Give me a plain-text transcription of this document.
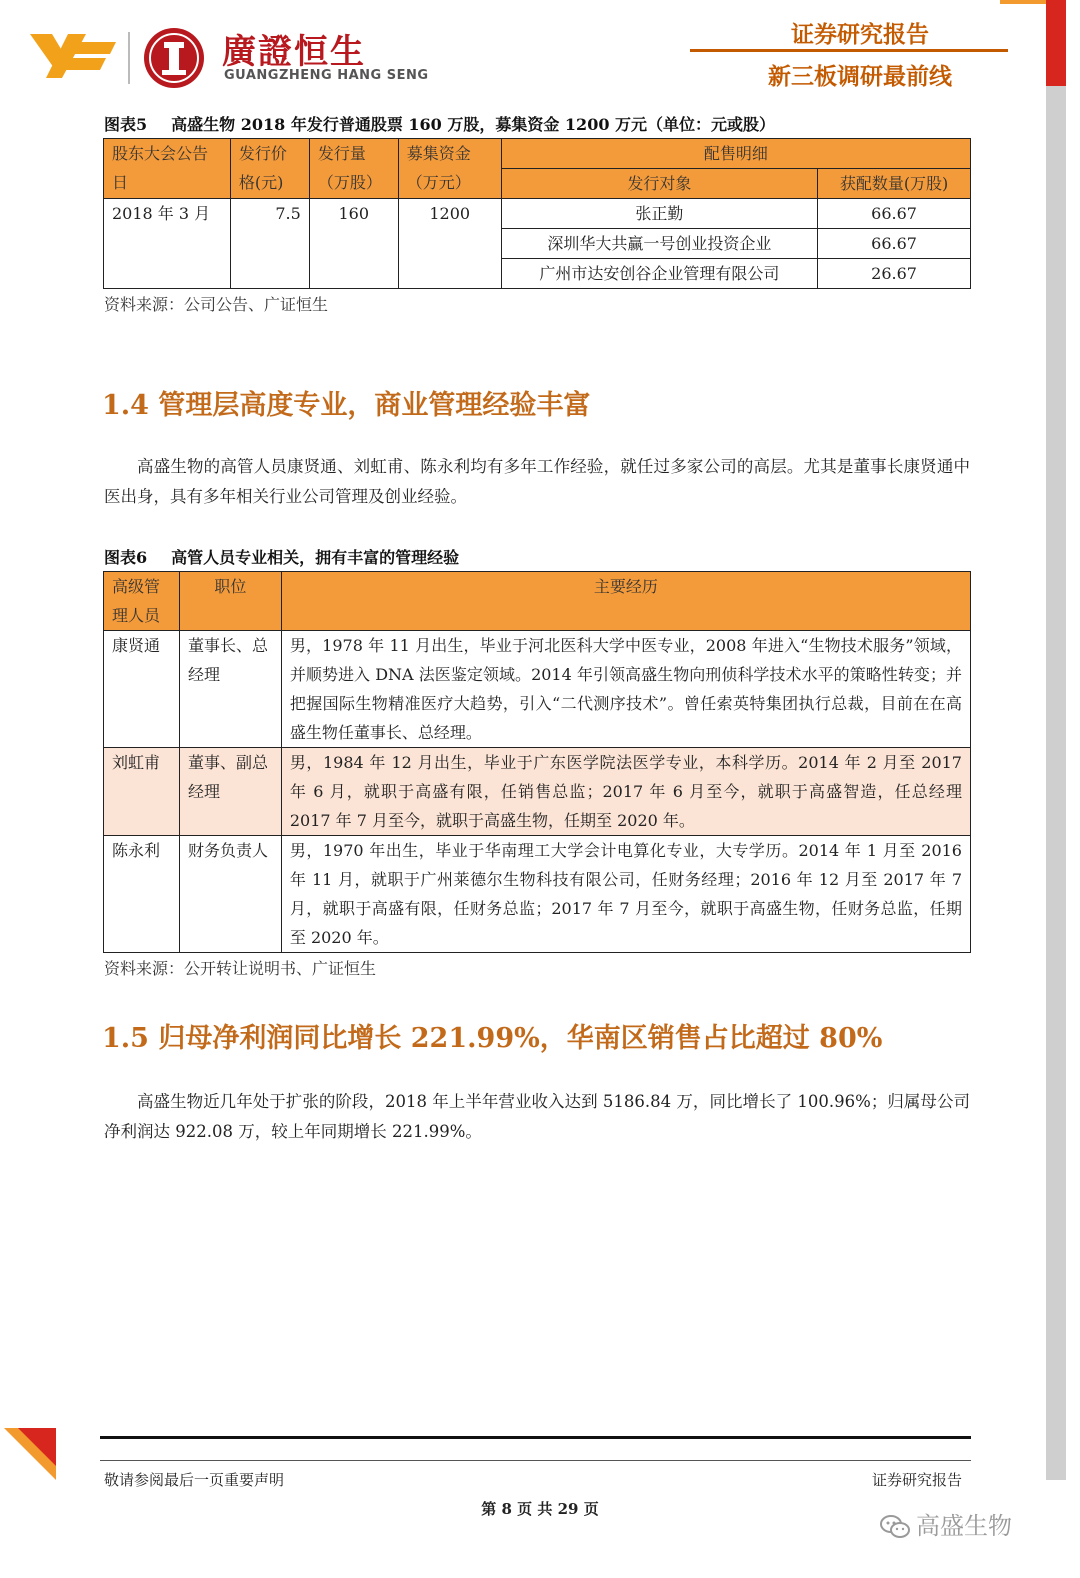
廣證恒生
GUANGZHENG HANG SENG
证券研究报告
新三板调研最前线
图表5 高盛生物 2018 年发行普通股票 160 万股，募集资金 1200 万元（单位：元或股）
股东大会公告日	发行价格(元)	发行量（万股）	募集资金（万元）	配售明细	
				发行对象	获配数量(万股)
2018 年 3 月	7.5	160	1200	张正勤	66.67
				深圳华大共赢一号创业投资企业	66.67
				广州市达安创谷企业管理有限公司	26.67
资料来源：公司公告、广证恒生
1.4 管理层高度专业，商业管理经验丰富
高盛生物的高管人员康贤通、刘虹甫、陈永利均有多年工作经验，就任过多家公司的高层。尤其是董事长康贤通中医出身，具有多年相关行业公司管理及创业经验。
图表6 高管人员专业相关，拥有丰富的管理经验
高级管理人员	职位	主要经历
康贤通	董事长、总经理	男，1978 年 11 月出生，毕业于河北医科大学中医专业，2008 年进入“生物技术服务”领域，并顺势进入 DNA 法医鉴定领域。2014 年引领高盛生物向刑侦科学技术水平的策略性转变；并把握国际生物精准医疗大趋势，引入“二代测序技术”。曾任索英特集团执行总裁，目前在在高盛生物任董事长、总经理。
刘虹甫	董事、副总经理	男，1984 年 12 月出生，毕业于广东医学院法医学专业，本科学历。2014 年 2 月至 2017 年 6 月，就职于高盛有限，任销售总监；2017 年 6 月至今，就职于高盛智造，任总经理 2017 年 7 月至今，就职于高盛生物，任期至 2020 年。
陈永利	财务负责人	男，1970 年出生，毕业于华南理工大学会计电算化专业，大专学历。2014 年 1 月至 2016 年 11 月，就职于广州莱德尔生物科技有限公司，任财务经理；2016 年 12 月至 2017 年 7 月，就职于高盛有限，任财务总监；2017 年 7 月至今，就职于高盛生物，任财务总监，任期至 2020 年。
资料来源：公开转让说明书、广证恒生
1.5 归母净利润同比增长 221.99%，华南区销售占比超过 80%
高盛生物近几年处于扩张的阶段，2018 年上半年营业收入达到 5186.84 万，同比增长了 100.96%；归属母公司净利润达 922.08 万，较上年同期增长 221.99%。
敬请参阅最后一页重要声明	证券研究报告
第 8 页 共 29 页
高盛生物
